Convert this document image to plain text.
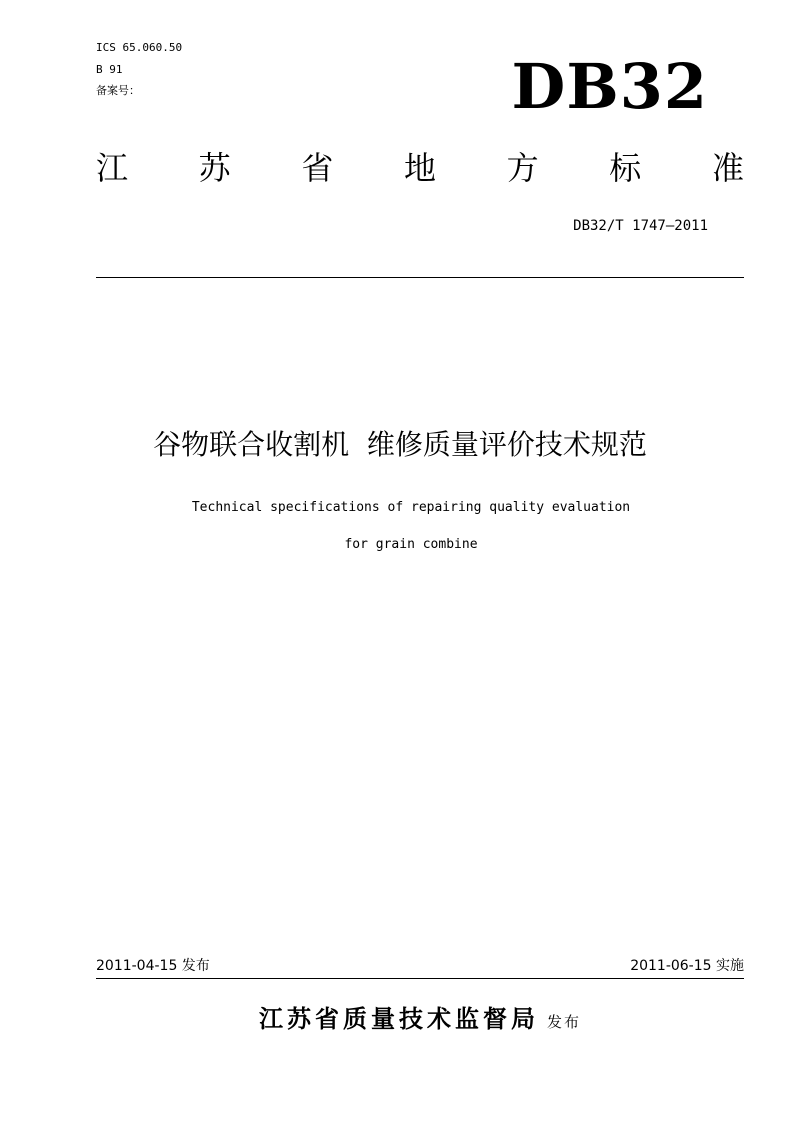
ICS 65.060.50
B 91
备案号：	DB32
江 苏 省 地 方 标 准
DB32/T 1747—2011
谷物联合收割机  维修质量评价技术规范
Technical specifications of repairing quality evaluation
for grain combine
2011-04-15 发布	2011-06-15 实施
江苏省质量技术监督局 发布
